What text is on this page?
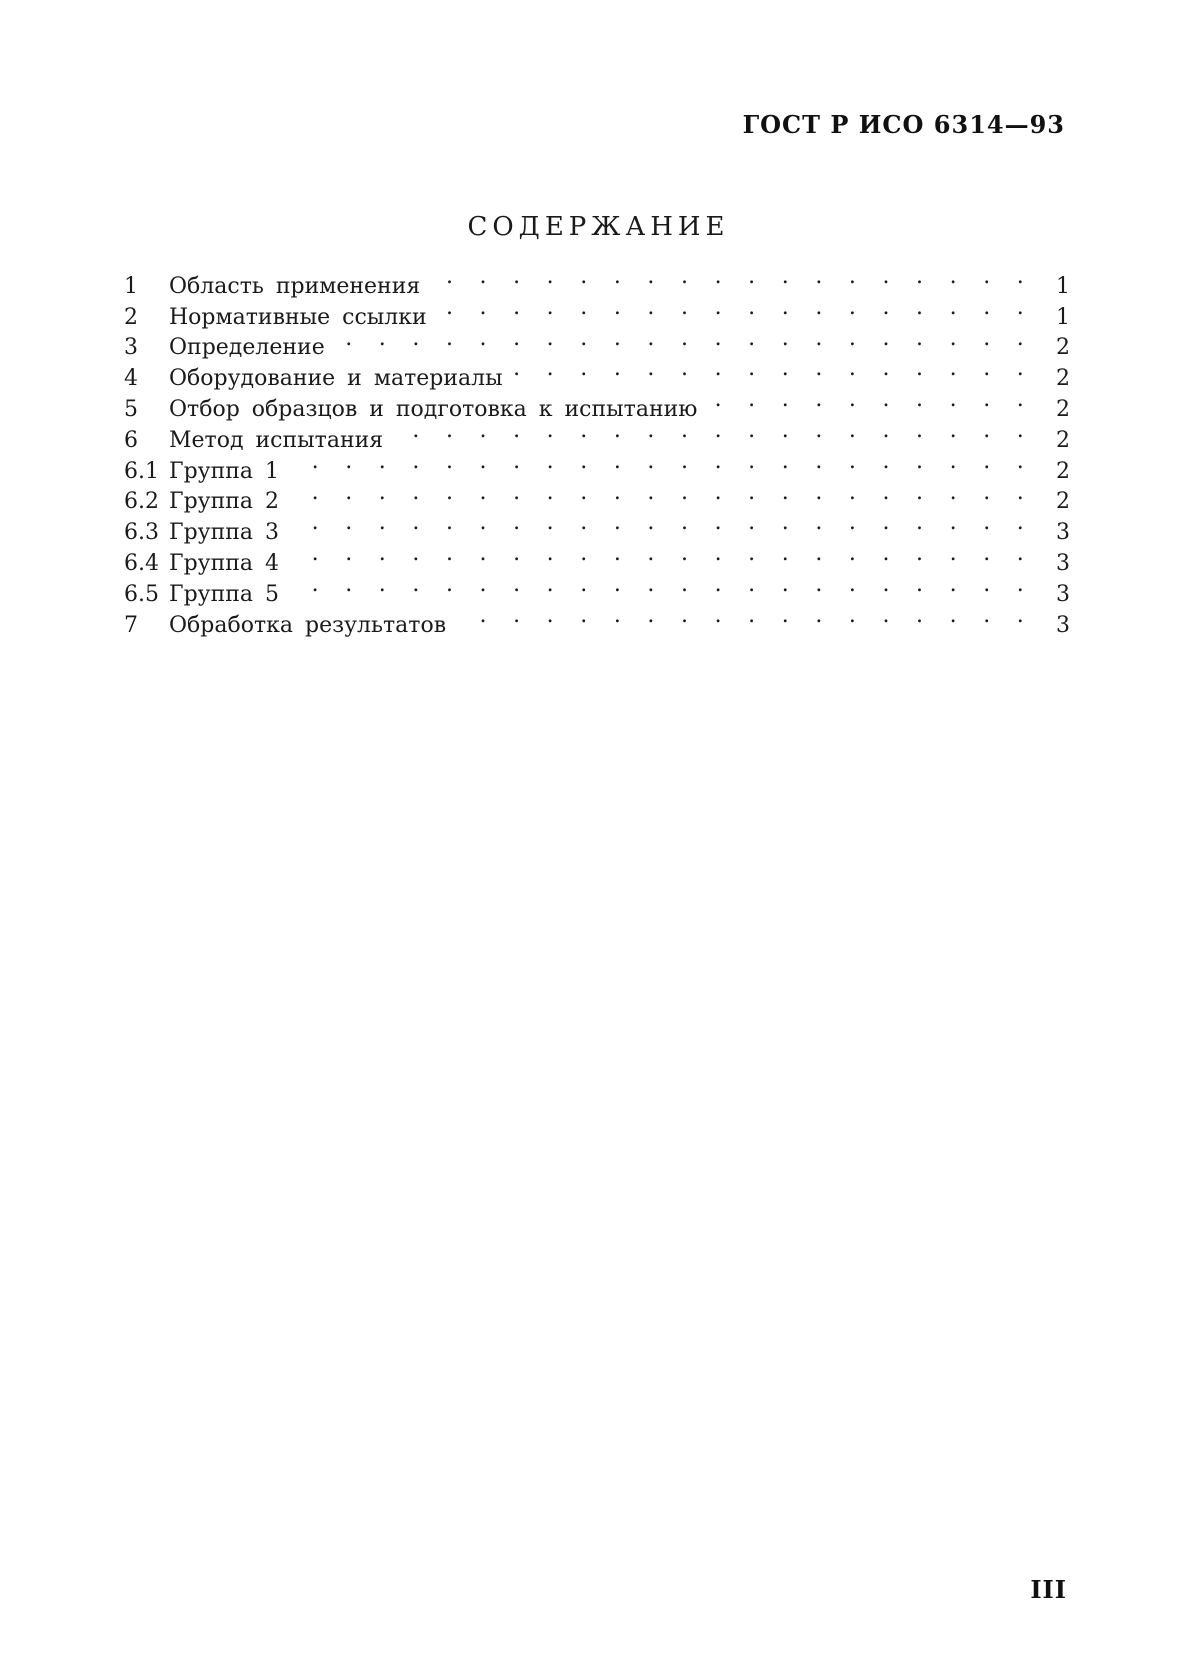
ГОСТ Р ИСО 6314—93
СОДЕРЖАНИЕ
1	Область применения . .	1
2	Нормативные ссылки . .	1
3	Определение . .	2
4	Оборудование и материалы . .	2
5	Отбор образцов и подготовка к испытанию . .	2
6	Метод испытания . .	2
6.1 Группа 1 . .	2
6.2 Группа 2 . .	2
6.3 Группа 3 . .	3
6.4 Группа 4 . .	3
6.5 Группа 5 . .	3
7	Обработка результатов . .	3
III
